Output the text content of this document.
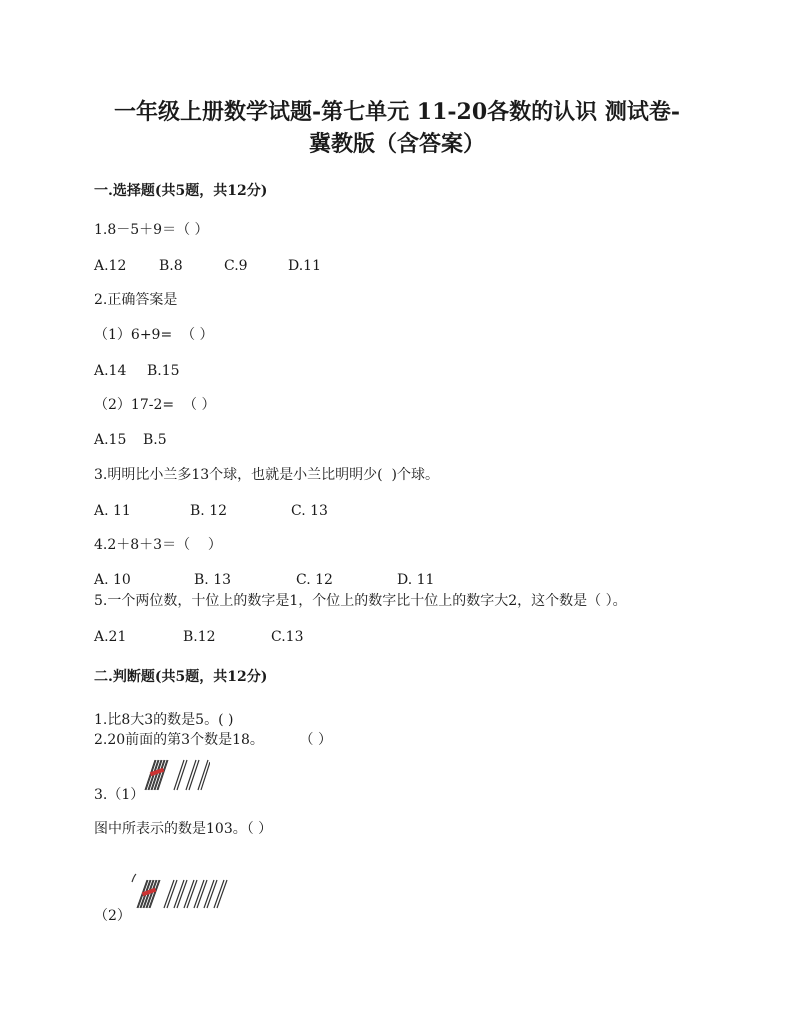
一年级上册数学试题-第七单元 11-20各数的认识 测试卷-
冀教版（含答案）
一.选择题(共5题，共12分)
1.8－5＋9＝（ ）
A.12 B.8	C.9	D.11
2.正确答案是
（1）6+9=  （ ）
A.14 B.15
（2）17-2=  （ ）
A.15 B.5
3.明明比小兰多13个球，也就是小兰比明明少(  )个球。
A. 11	B. 12	C. 13
4.2＋8＋3＝（    ）
A. 10	B. 13	C. 12	D. 11
5.一个两位数，十位上的数字是1，个位上的数字比十位上的数字大2，这个数是（ ）。
A.21	B.12	C.13
二.判断题(共5题，共12分)
1.比8大3的数是5。( )
2.20前面的第3个数是18。        （ ）
3.（1）
图中所表示的数是103。（ ）
（2）
